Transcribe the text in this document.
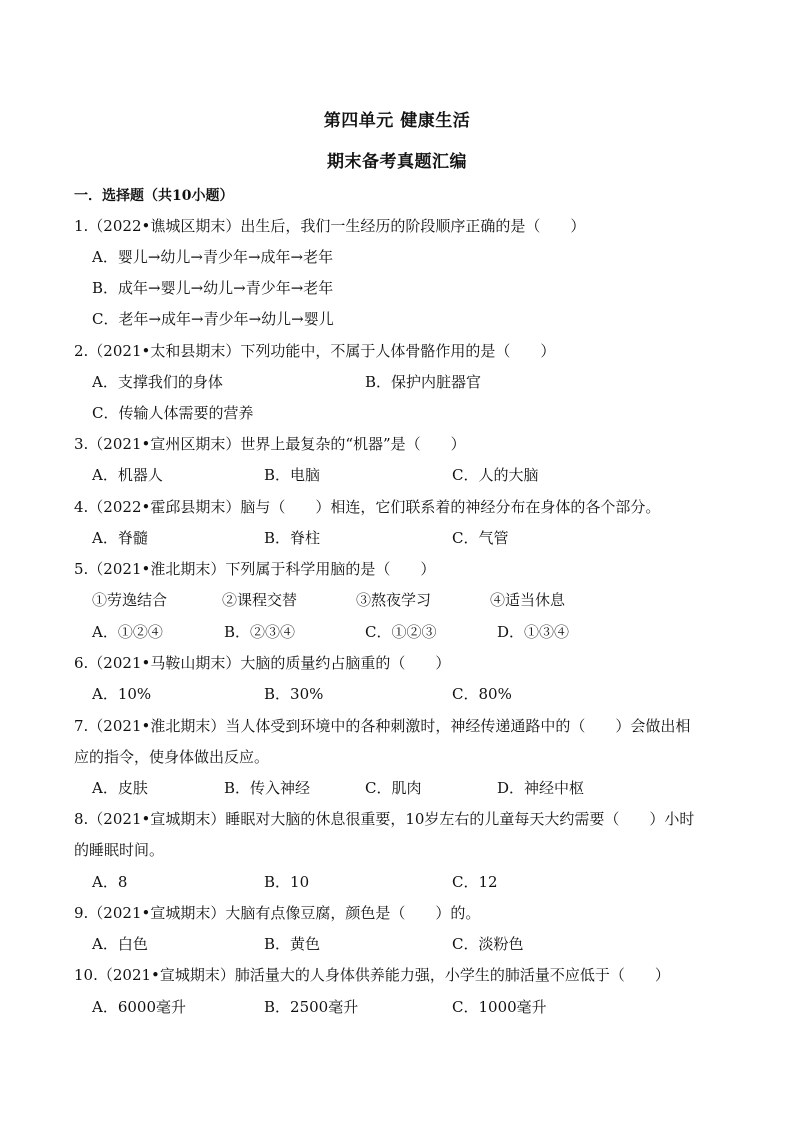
第四单元 健康生活
期末备考真题汇编
一．选择题（共10小题）
1.（2022•谯城区期末）出生后，我们一生经历的阶段顺序正确的是（　　）
A．婴儿→幼儿→青少年→成年→老年
B．成年→婴儿→幼儿→青少年→老年
C．老年→成年→青少年→幼儿→婴儿
2.（2021•太和县期末）下列功能中，不属于人体骨骼作用的是（　　）
A．支撑我们的身体	B．保护内脏器官
C．传输人体需要的营养
3.（2021•宣州区期末）世界上最复杂的“机器”是（　　）
A．机器人	B．电脑	C．人的大脑
4.（2022•霍邱县期末）脑与（　　）相连，它们联系着的神经分布在身体的各个部分。
A．脊髓	B．脊柱	C．气管
5.（2021•淮北期末）下列属于科学用脑的是（　　）
①劳逸结合	②课程交替	③熬夜学习	④适当休息
A．①②④	B．②③④	C．①②③	D．①③④
6.（2021•马鞍山期末）大脑的质量约占脑重的（　　）
A．10%	B．30%	C．80%
7.（2021•淮北期末）当人体受到环境中的各种刺激时，神经传递通路中的（　　）会做出相
应的指令，使身体做出反应。
A．皮肤	B．传入神经	C．肌肉	D．神经中枢
8.（2021•宣城期末）睡眠对大脑的休息很重要，10岁左右的儿童每天大约需要（　　）小时
的睡眠时间。
A．8	B．10	C．12
9.（2021•宣城期末）大脑有点像豆腐，颜色是（　　）的。
A．白色	B．黄色	C．淡粉色
10.（2021•宣城期末）肺活量大的人身体供养能力强，小学生的肺活量不应低于（　　）
A．6000毫升	B．2500毫升	C．1000毫升
